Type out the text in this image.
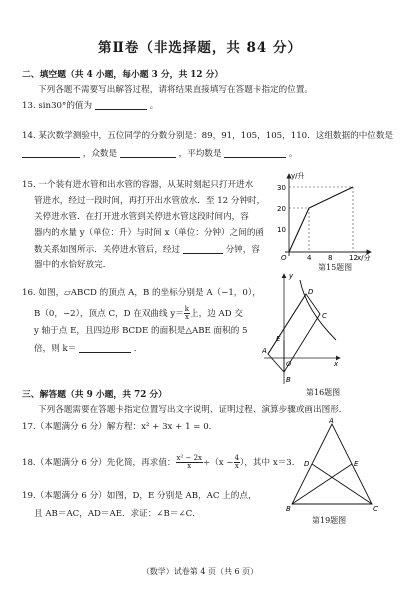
第Ⅱ卷（非选择题，共 84 分）
二、填空题（共 4 小题，每小题 3 分，共 12 分）
下列各题不需要写出解答过程，请将结果直接填写在答题卡指定的位置。
13. sin30°的值为	。
14. 某次数学测验中，五位同学的分数分别是：89，91，105，105，110．这组数据的中位数是
，众数是	，平均数是	。
15. 一个装有进水管和出水管的容器，从某时刻起只打开进水
管进水，经过一段时间，再打开出水管放水．至 12 分钟时，
关停进水管．在打开进水管到关停进水管这段时间内，容
器内的水量 y（单位：升）与时间 x（单位：分钟）之间的函
数关系如图所示．关停进水管后，经过	分钟，容
器中的水恰好放完．
y/升
x/分
30
20
10
O	4 8 12
第15题图
16. 如图，▱ABCD 的顶点 A，B 的坐标分别是 A（−1，0），
B（0，−2），顶点 C，D 在双曲线 $y= \frac{k}{x}$ 上，边 AD 交
y 轴于点 E，且四边形 BCDE 的面积是△ABE 面积的 5
倍，则 k＝	．
y
x
O
A
B
C
D
E
第16题图
三、解答题（共 9 小题，共 72 分）
下列各题需要在答题卡指定位置写出文字说明、证明过程、演算步骤或画出图形．
17.（本题满分 6 分）解方程：x² + 3x + 1 = 0．
18.（本题满分 6 分）先化简，再求值： $\frac{\text{x² − 2x}}{x} \div(x - \frac{4}{x}$ ），其中 x＝3．
19.（本题满分 6 分）如图，D，E 分别是 AB，AC 上的点，
且 AB＝AC，AD＝AE．求证：∠B＝∠C．
A
B	C
D	E
第19题图
（数学）试卷第 4 页（共 6 页）
